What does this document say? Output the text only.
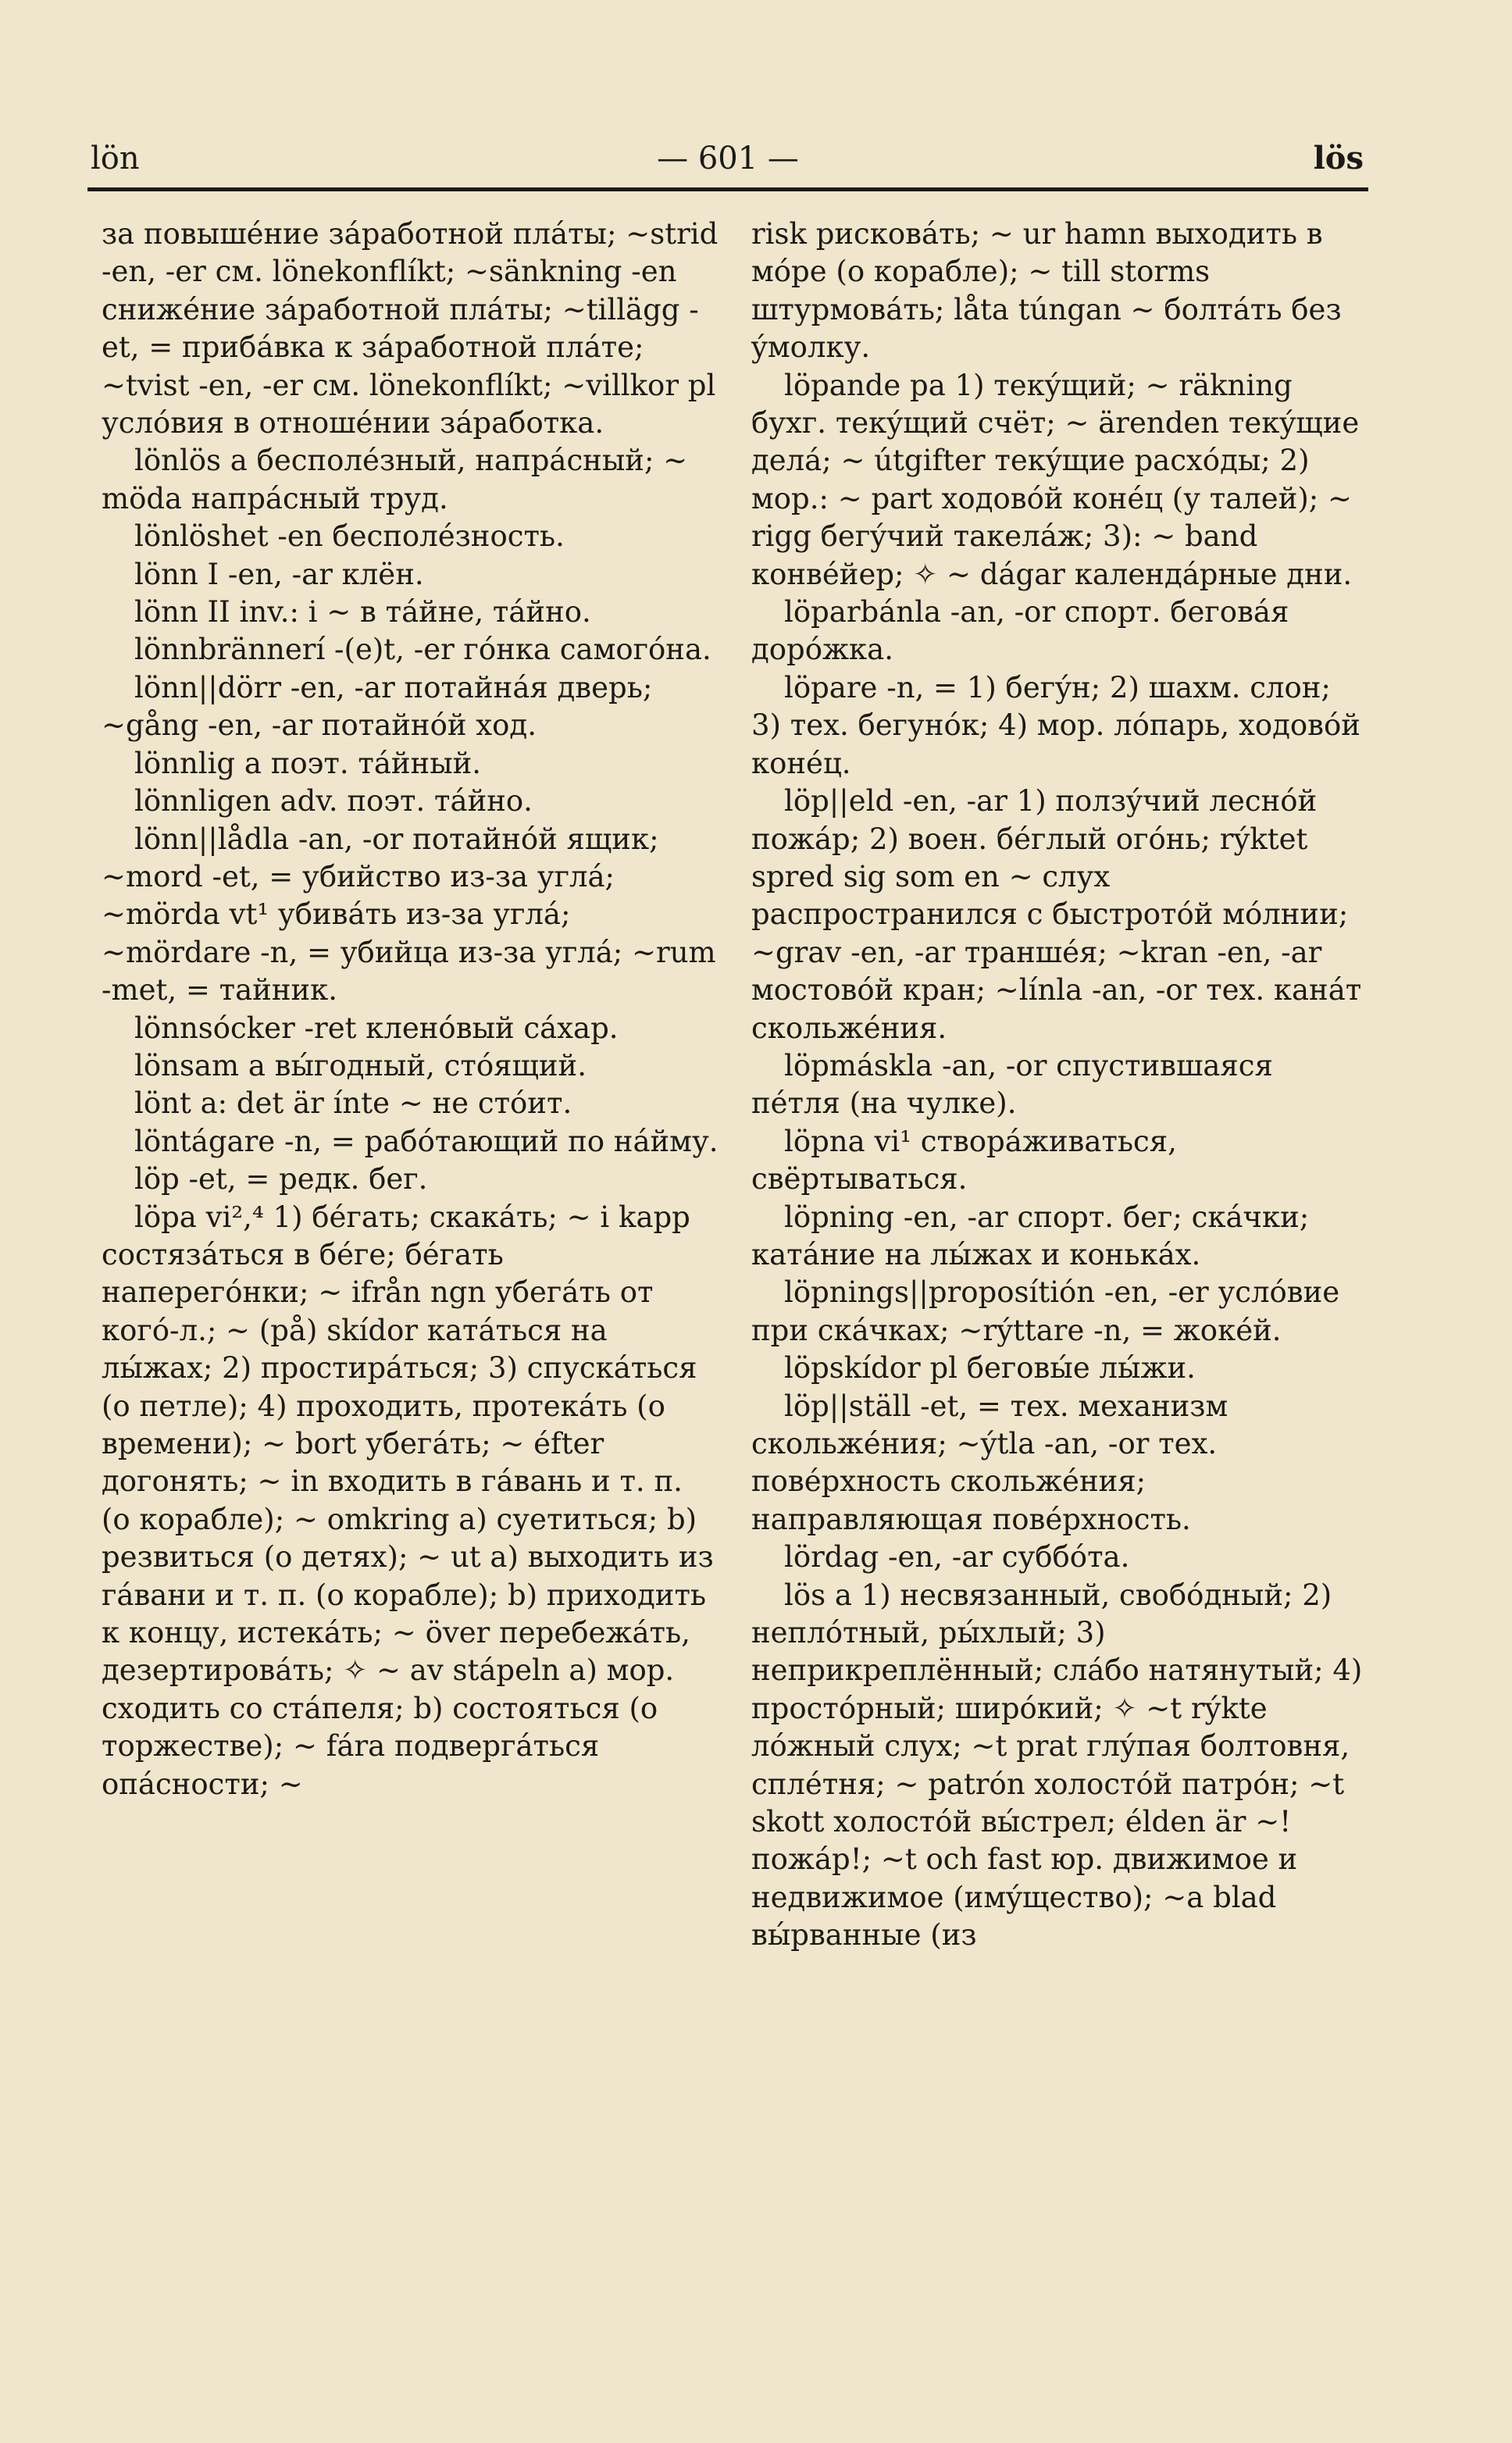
lön	— 601 —	lös
за повышéние зáработной плáты; ~strid -en, -er см. lönekonflíkt; ~sänkning -en снижéние зáработной плáты; ~tillägg -et, = прибáвка к зáработной плáте; ~tvist -en, -er см. lönekonflíkt; ~villkor pl услóвия в отношéнии зáработка.
lönlös a бесполéзный, напрáсный; ~ möda напрáсный труд.
lönlöshet -en бесполéзность.
lönn I -en, -ar клён.
lönn II inv.: i ~ в тáйне, тáйно.
lönnbrännerí -(e)t, -er гóнка самогóна.
lönn||dörr -en, -ar потайнáя дверь; ~gång -en, -ar потайнóй ход.
lönnlig a поэт. тáйный.
lönnligen adv. поэт. тáйно.
lönn||lådla -an, -or потайнóй ящик; ~mord -et, = убийство из-за углá; ~mörda vt¹ убивáть из-за углá; ~mördare -n, = убийца из-за углá; ~rum -met, = тайник.
lönnsócker -ret кленóвый сáхар.
lönsam a вы́годный, стóящий.
lönt a: det är ínte ~ не стóит.
löntágare -n, = рабóтающий по нáйму.
löp -et, = редк. бег.
löpa vi²,⁴ 1) бéгать; скакáть; ~ i kapp состязáться в бéге; бéгать наперегóнки; ~ ifrån ngn убегáть от когó-л.; ~ (på) skídor катáться на лы́жах; 2) простирáться; 3) спускáться (о петле); 4) проходить, протекáть (о времени); ~ bort убегáть; ~ éfter догонять; ~ in входить в гáвань и т. п. (о корабле); ~ omkring a) суетиться; b) резвиться (о детях); ~ ut a) выходить из гáвани и т. п. (о корабле); b) приходить к концу, истекáть; ~ över перебежáть, дезертировáть; ✧ ~ av stápeln a) мор. сходить со стáпеля; b) состояться (о торжестве); ~ fára подвергáться опáсности; ~
risk рисковáть; ~ ur hamn выходить в мóре (о корабле); ~ till storms штурмовáть; låta túngan ~ болтáть без ýмолку.
löpande pa 1) текýщий; ~ räkning бухг. текýщий счёт; ~ ärenden текýщие делá; ~ útgifter текýщие расхóды; 2) мор.: ~ part ходовóй конéц (у талей); ~ rigg бегýчий такелáж; 3): ~ band конвéйер; ✧ ~ dágar календáрные дни.
löparbánla -an, -or спорт. беговáя дорóжка.
löpare -n, = 1) бегýн; 2) шахм. слон; 3) тех. бегунóк; 4) мор. лóпарь, ходовóй конéц.
löp||eld -en, -ar 1) ползýчий леснóй пожáр; 2) воен. бéглый огóнь; rýktet spred sig som en ~ слух распространился с быстротóй мóлнии; ~grav -en, -ar траншéя; ~kran -en, -ar мостовóй кран; ~línla -an, -or тех. канáт скольжéния.
löpmáskla -an, -or спустившаяся пéтля (на чулке).
löpna vi¹ створáживаться, свёртываться.
löpning -en, -ar спорт. бег; скáчки; катáние на лы́жах и конькáх.
löpnings||proposítión -en, -er услóвие при скáчках; ~rýttare -n, = жокéй.
löpskídor pl беговы́е лы́жи.
löp||ställ -et, = тех. механизм скольжéния; ~ýtla -an, -or тех. повéрхность скольжéния; направляющая повéрхность.
lördag -en, -ar суббóта.
lös a 1) несвязанный, свобóдный; 2) неплóтный, ры́хлый; 3) неприкреплённый; слáбо натянутый; 4) простóрный; ширóкий; ✧ ~t rýkte лóжный слух; ~t prat глýпая болтовня, сплéтня; ~ patrón холостóй патрóн; ~t skott холостóй вы́стрел; élden är ~! пожáр!; ~t och fast юр. движимое и недвижимое (имýщество); ~a blad вы́рванные (из
